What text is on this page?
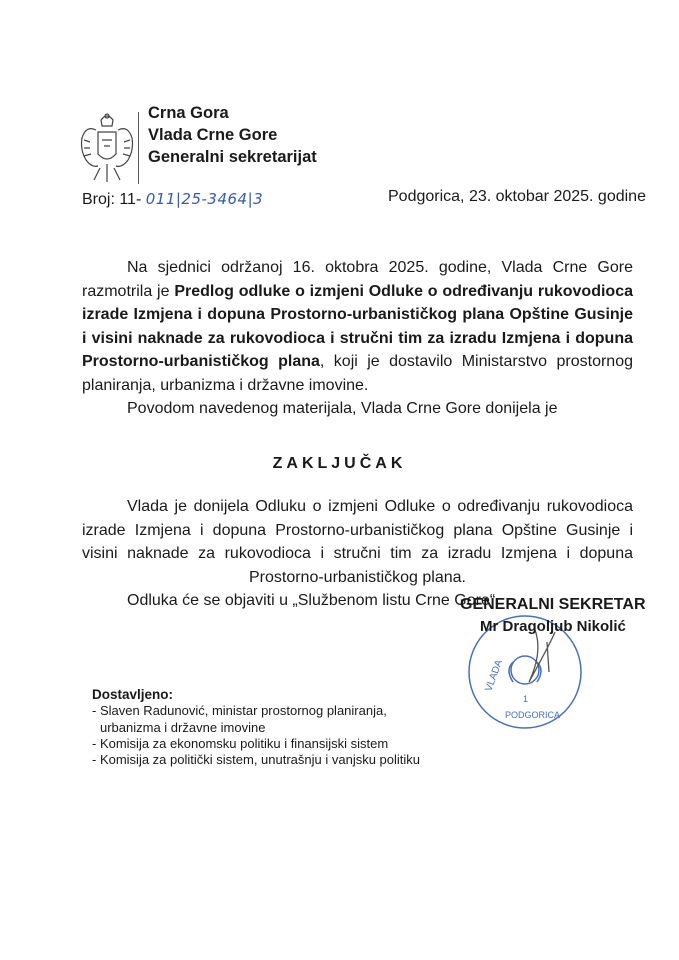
Crna Gora
Vlada Crne Gore
Generalni sekretarijat
Broj: 11- 011|25-3464|3	Podgorica, 23. oktobar 2025. godine

Na sjednici održanoj 16. oktobra 2025. godine, Vlada Crne Gore razmotrila je Predlog odluke o izmjeni Odluke o određivanju rukovodioca izrade Izmjena i dopuna Prostorno-urbanističkog plana Opštine Gusinje i visini naknade za rukovodioca i stručni tim za izradu Izmjena i dopuna Prostorno-urbanističkog plana, koji je dostavilo Ministarstvo prostornog planiranja, urbanizma i državne imovine.

Povodom navedenog materijala, Vlada Crne Gore donijela je

ZAKLJUČAK

Vlada je donijela Odluku o izmjeni Odluke o određivanju rukovodioca izrade Izmjena i dopuna Prostorno-urbanističkog plana Opštine Gusinje i visini naknade za rukovodioca i stručni tim za izradu Izmjena i dopuna Prostorno-urbanističkog plana.

Odluka će se objaviti u „Službenom listu Crne Gore“.

VLADA
1
PODGORICA
GENERALNI SEKRETAR
Mr Dragoljub Nikolić
Dostavljeno:
- Slaven Radunović, ministar prostornog planiranja, urbanizma i državne imovine
- Komisija za ekonomsku politiku i finansijski sistem
- Komisija za politički sistem, unutrašnju i vanjsku politiku
